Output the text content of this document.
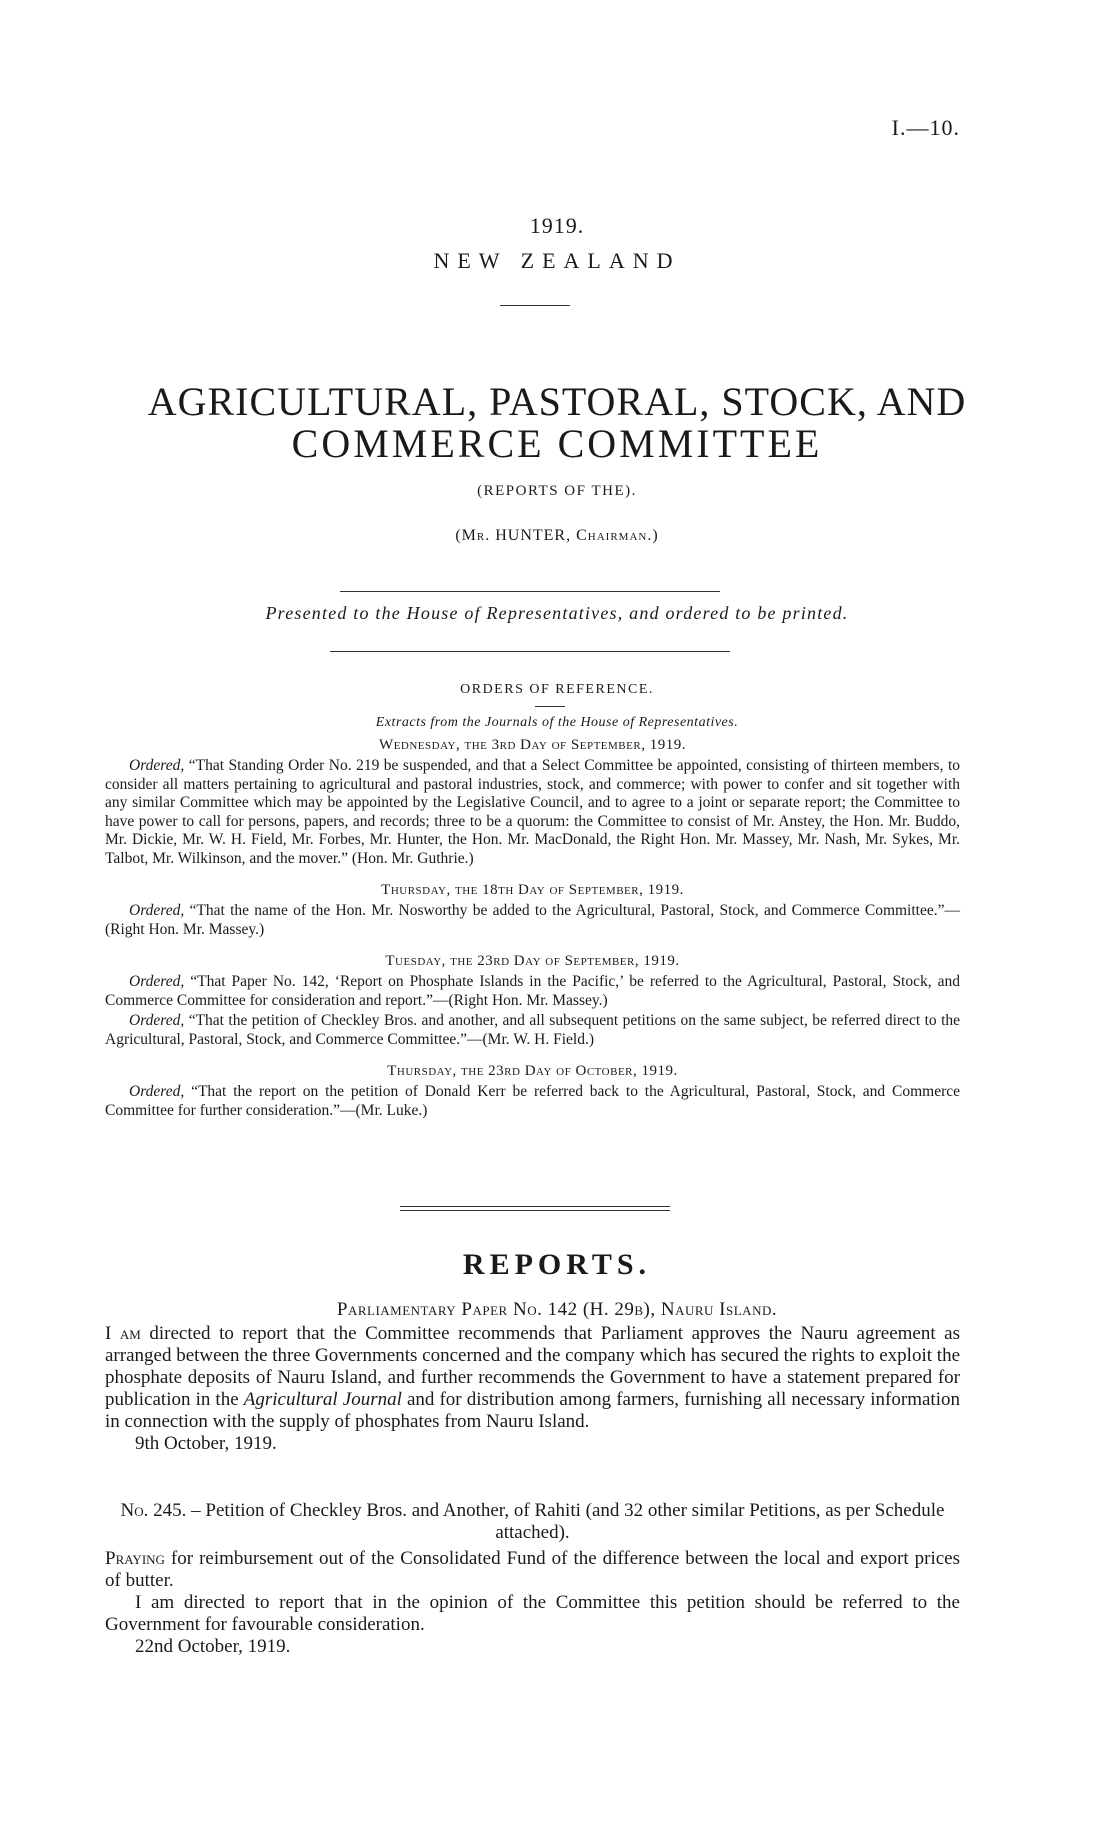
I.—10.
1919.
NEW ZEALAND
AGRICULTURAL, PASTORAL, STOCK, AND
COMMERCE COMMITTEE
(REPORTS OF THE).
(Mr. HUNTER, Chairman.)
Presented to the House of Representatives, and ordered to be printed.
ORDERS OF REFERENCE.
Extracts from the Journals of the House of Representatives.
Wednesday, the 3rd Day of September, 1919.

Ordered, “That Standing Order No. 219 be suspended, and that a Select Committee be appointed, consisting of thirteen members, to consider all matters pertaining to agricultural and pastoral industries, stock, and commerce; with power to confer and sit together with any similar Committee which may be appointed by the Legislative Council, and to agree to a joint or separate report; the Committee to have power to call for persons, papers, and records; three to be a quorum: the Committee to consist of Mr. Anstey, the Hon. Mr. Buddo, Mr. Dickie, Mr. W. H. Field, Mr. Forbes, Mr. Hunter, the Hon. Mr. MacDonald, the Right Hon. Mr. Massey, Mr. Nash, Mr. Sykes, Mr. Talbot, Mr. Wilkinson, and the mover.” (Hon. Mr. Guthrie.)

Thursday, the 18th Day of September, 1919.

Ordered, “That the name of the Hon. Mr. Nosworthy be added to the Agricultural, Pastoral, Stock, and Commerce Committee.”—(Right Hon. Mr. Massey.)

Tuesday, the 23rd Day of September, 1919.

Ordered, “That Paper No. 142, ‘Report on Phosphate Islands in the Pacific,’ be referred to the Agricultural, Pastoral, Stock, and Commerce Committee for consideration and report.”—(Right Hon. Mr. Massey.)

Ordered, “That the petition of Checkley Bros. and another, and all subsequent petitions on the same subject, be referred direct to the Agricultural, Pastoral, Stock, and Commerce Committee.”—(Mr. W. H. Field.)

Thursday, the 23rd Day of October, 1919.

Ordered, “That the report on the petition of Donald Kerr be referred back to the Agricultural, Pastoral, Stock, and Commerce Committee for further consideration.”—(Mr. Luke.)

REPORTS.
Parliamentary Paper No. 142 (H. 29b), Nauru Island.

I am directed to report that the Committee recommends that Parliament approves the Nauru agreement as arranged between the three Governments concerned and the company which has secured the rights to exploit the phosphate deposits of Nauru Island, and further recommends the Government to have a statement prepared for publication in the Agricultural Journal and for distribution among farmers, furnishing all necessary information in connection with the supply of phosphates from Nauru Island.

9th October, 1919.
No. 245. – Petition of Checkley Bros. and Another, of Rahiti (and 32 other similar Petitions, as per Schedule attached).

Praying for reimbursement out of the Consolidated Fund of the difference between the local and export prices of butter.

I am directed to report that in the opinion of the Committee this petition should be referred to the Government for favourable consideration.

22nd October, 1919.
